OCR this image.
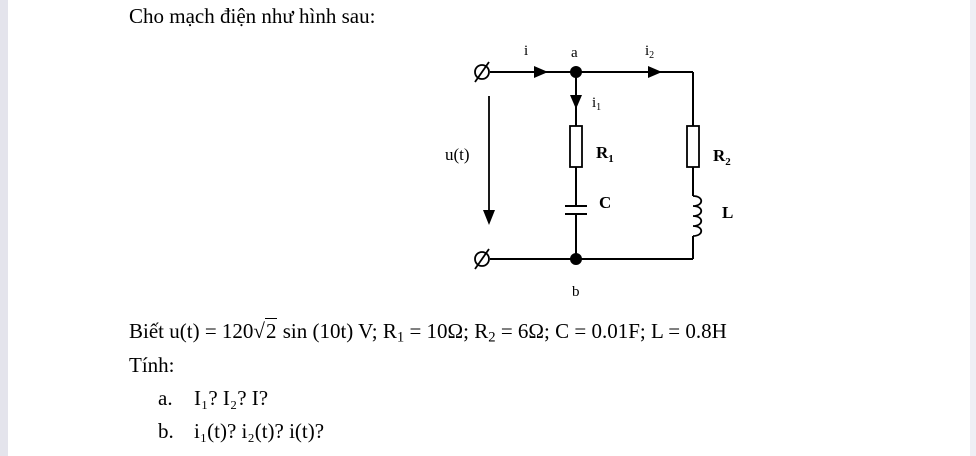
Cho mạch điện như hình sau:
a
b
i	$i_2$
$i_1$
u(t)	$R_1$	$R_2$
C
L
Biết u(t) = 120√2 sin (10t) V; $R_1 = 10\Omega$; $R_2 = 6\Omega$; C = 0.01F; L = 0.8H
Tính:
a. I₁? I₂? I?
b. i₁(t)? i₂(t)? i(t)?
